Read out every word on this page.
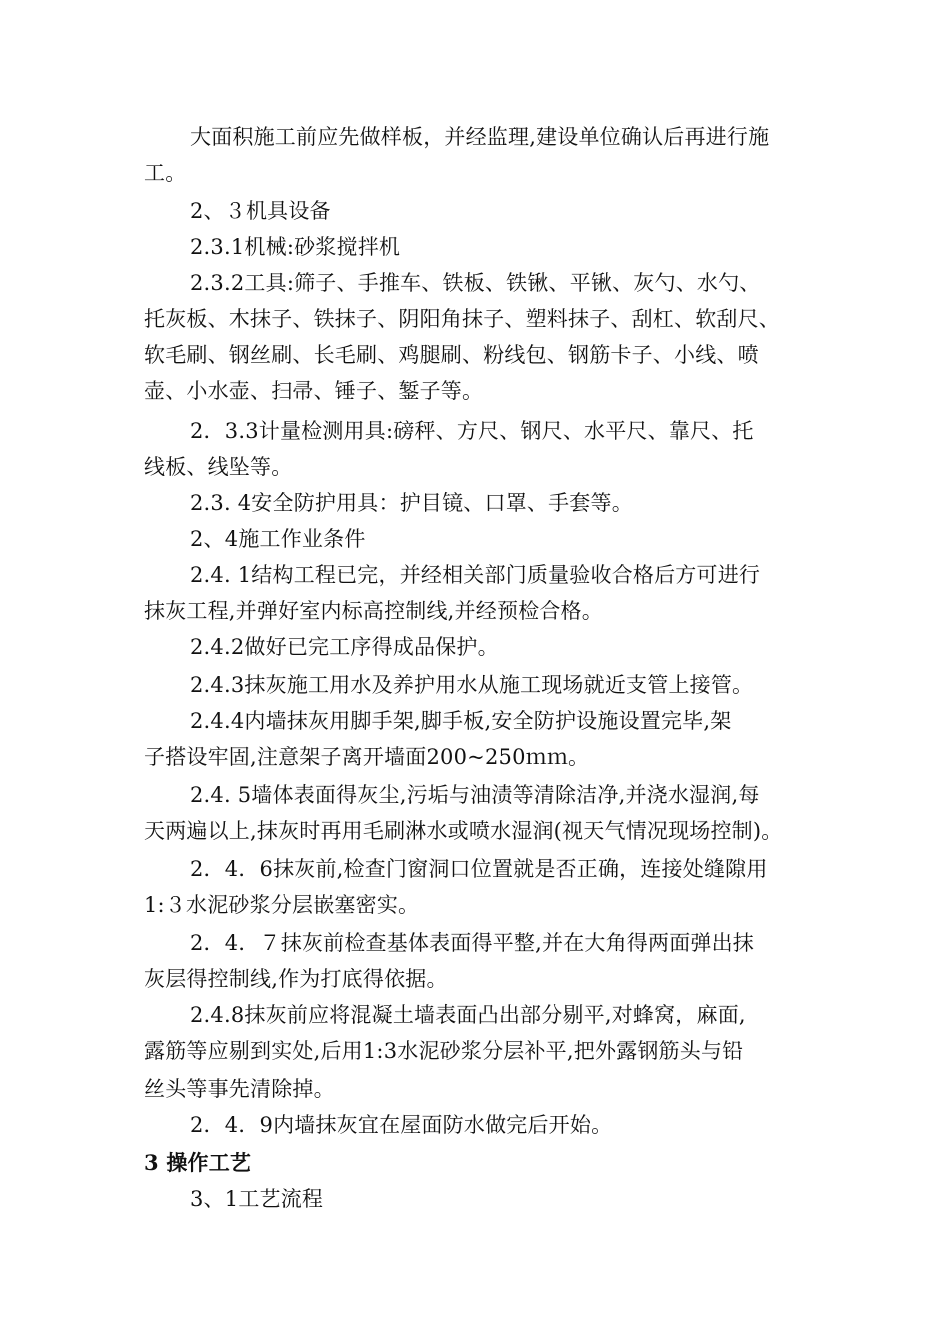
大面积施工前应先做样板，并经监理,建设单位确认后再进行施
工。
2、３机具设备
2.3.1机械:砂浆搅拌机
2.3.2工具:筛子、手推车、铁板、铁锹、平锹、灰勺、水勺、
托灰板、木抹子、铁抹子、阴阳角抹子、塑料抹子、刮杠、软刮尺、
软毛刷、钢丝刷、长毛刷、鸡腿刷、粉线包、钢筋卡子、小线、喷
壶、小水壶、扫帚、锤子、錾子等。
2．3.3计量检测用具:磅秤、方尺、钢尺、水平尺、靠尺、托
线板、线坠等。
2.3. 4安全防护用具：护目镜、口罩、手套等。
2、4施工作业条件
2.4. 1结构工程已完，并经相关部门质量验收合格后方可进行
抹灰工程,并弹好室内标高控制线,并经预检合格。
2.4.2做好已完工序得成品保护。
2.4.3抹灰施工用水及养护用水从施工现场就近支管上接管。
2.4.4内墙抹灰用脚手架,脚手板,安全防护设施设置完毕,架
子搭设牢固,注意架子离开墙面200~250ｍｍ。
2.4. 5墙体表面得灰尘,污垢与油渍等清除洁净,并浇水湿润,每
天两遍以上,抹灰时再用毛刷淋水或喷水湿润(视天气情况现场控制)。
2．4．6抹灰前,检查门窗洞口位置就是否正确，连接处缝隙用
1:３水泥砂浆分层嵌塞密实。
2．4．７抹灰前检查基体表面得平整,并在大角得两面弹出抹
灰层得控制线,作为打底得依据。
2.4.8抹灰前应将混凝土墙表面凸出部分剔平,对蜂窝，麻面,
露筋等应剔到实处,后用1:3水泥砂浆分层补平,把外露钢筋头与铅
丝头等事先清除掉。
2．4．9内墙抹灰宜在屋面防水做完后开始。
3 操作工艺
3、1工艺流程
